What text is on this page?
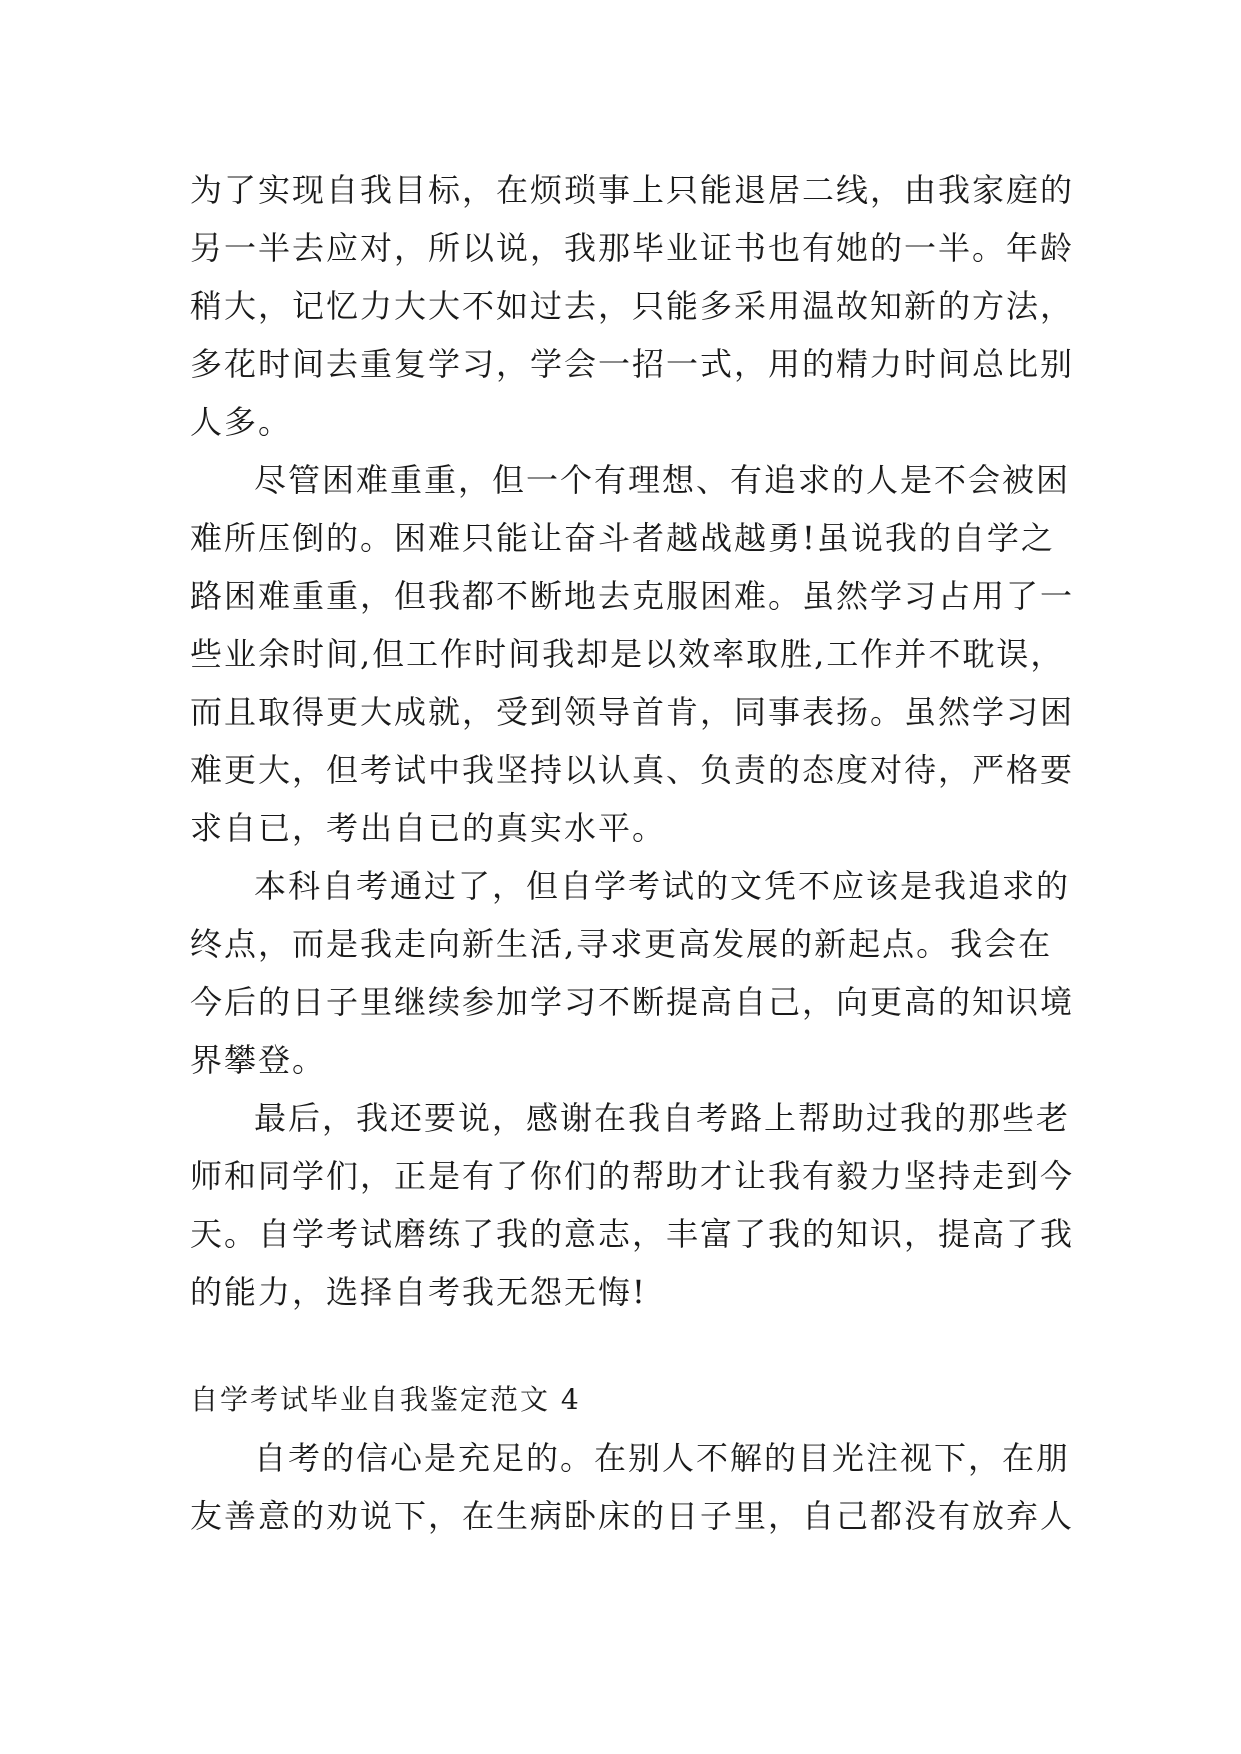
为了实现自我目标，在烦琐事上只能退居二线，由我家庭的
另一半去应对，所以说，我那毕业证书也有她的一半。年龄
稍大，记忆力大大不如过去，只能多采用温故知新的方法，
多花时间去重复学习，学会一招一式，用的精力时间总比别
人多。
尽管困难重重，但一个有理想、有追求的人是不会被困
难所压倒的。困难只能让奋斗者越战越勇!虽说我的自学之
路困难重重，但我都不断地去克服困难。虽然学习占用了一
些业余时间,但工作时间我却是以效率取胜,工作并不耽误，
而且取得更大成就，受到领导首肯，同事表扬。虽然学习困
难更大，但考试中我坚持以认真、负责的态度对待，严格要
求自已，考出自已的真实水平。
本科自考通过了，但自学考试的文凭不应该是我追求的
终点，而是我走向新生活,寻求更高发展的新起点。我会在
今后的日子里继续参加学习不断提高自己，向更高的知识境
界攀登。
最后，我还要说，感谢在我自考路上帮助过我的那些老
师和同学们，正是有了你们的帮助才让我有毅力坚持走到今
天。自学考试磨练了我的意志，丰富了我的知识，提高了我
的能力，选择自考我无怨无悔!
自学考试毕业自我鉴定范文 4
自考的信心是充足的。在别人不解的目光注视下，在朋
友善意的劝说下，在生病卧床的日子里，自己都没有放弃人
